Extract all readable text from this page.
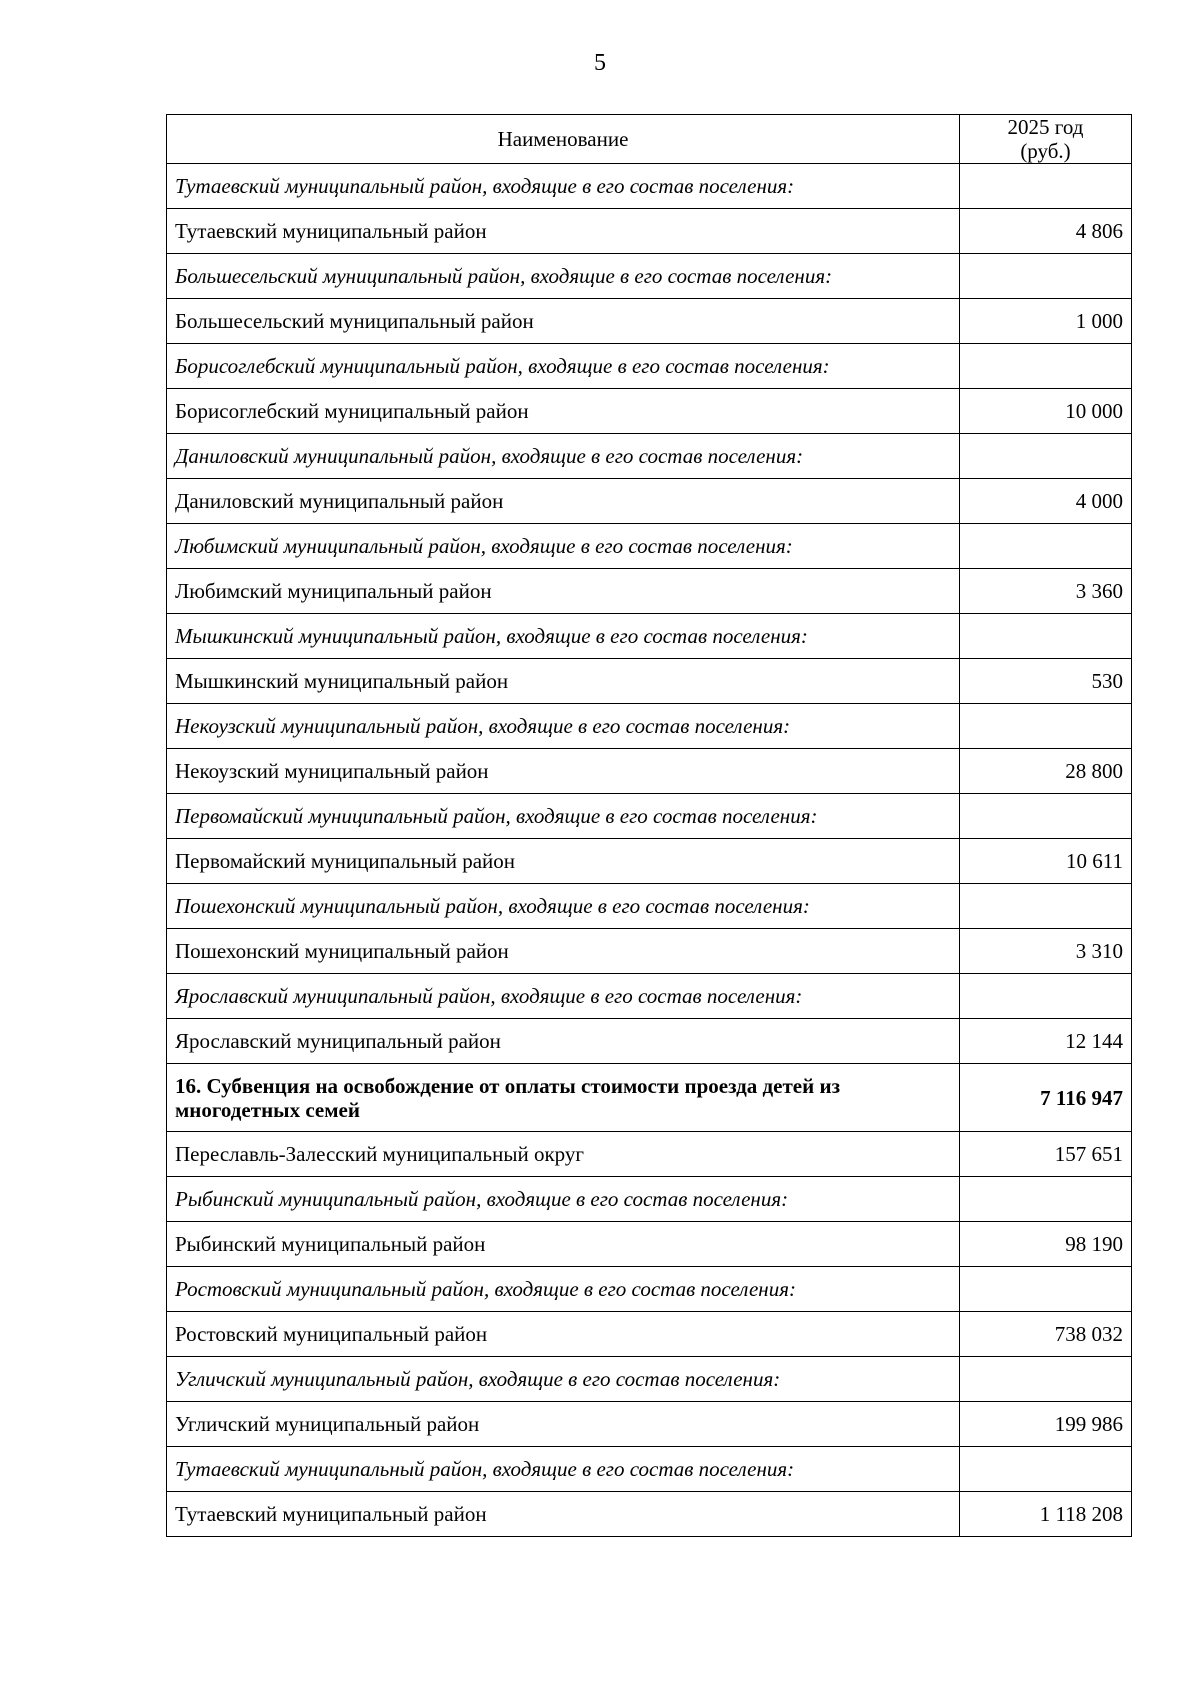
5
Наименование	2025 год
(руб.)
Тутаевский муниципальный район, входящие в его состав поселения:	
Тутаевский муниципальный район	4 806
Большесельский муниципальный район, входящие в его состав поселения:	
Большесельский муниципальный район	1 000
Борисоглебский муниципальный район, входящие в его состав поселения:	
Борисоглебский муниципальный район	10 000
Даниловский муниципальный район, входящие в его состав поселения:	
Даниловский муниципальный район	4 000
Любимский муниципальный район, входящие в его состав поселения:	
Любимский муниципальный район	3 360
Мышкинский муниципальный район, входящие в его состав поселения:	
Мышкинский муниципальный район	530
Некоузский муниципальный район, входящие в его состав поселения:	
Некоузский муниципальный район	28 800
Первомайский муниципальный район, входящие в его состав поселения:	
Первомайский муниципальный район	10 611
Пошехонский муниципальный район, входящие в его состав поселения:	
Пошехонский муниципальный район	3 310
Ярославский муниципальный район, входящие в его состав поселения:	
Ярославский муниципальный район	12 144
16. Субвенция на освобождение от оплаты стоимости проезда детей из многодетных семей	7 116 947
Переславль-Залесский муниципальный округ	157 651
Рыбинский муниципальный район, входящие в его состав поселения:	
Рыбинский муниципальный район	98 190
Ростовский муниципальный район, входящие в его состав поселения:	
Ростовский муниципальный район	738 032
Угличский муниципальный район, входящие в его состав поселения:	
Угличский муниципальный район	199 986
Тутаевский муниципальный район, входящие в его состав поселения:	
Тутаевский муниципальный район	1 118 208
